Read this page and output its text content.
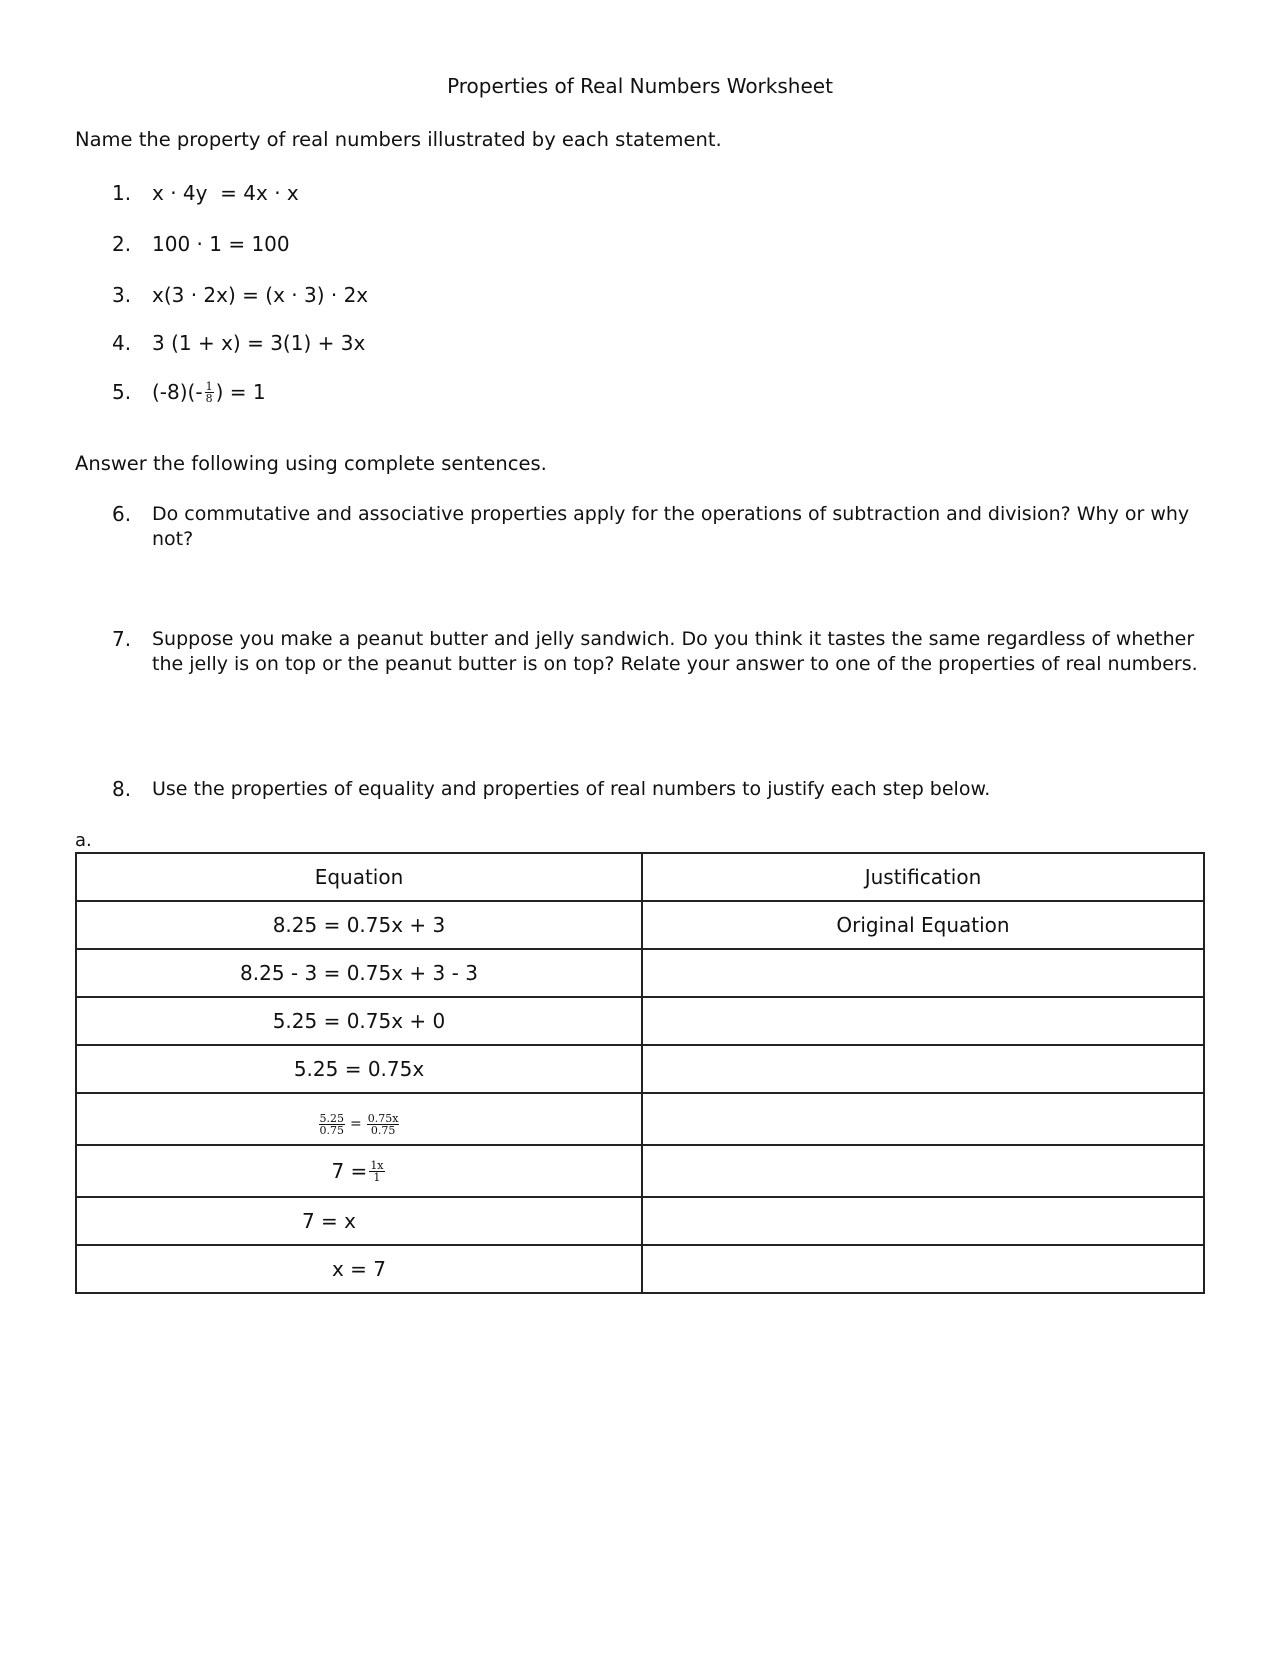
Properties of Real Numbers Worksheet
Name the property of real numbers illustrated by each statement.
1.	x · 4y  = 4x · x
2.	100 · 1 = 100
3.	x(3 · 2x) = (x · 3) · 2x
4.	3 (1 + x) = 3(1) + 3x
5.	$(-8)(- \frac{1}{8}$ ) = 1
Answer the following using complete sentences.
6.	Do commutative and associative properties apply for the operations of subtraction and division? Why or why not?
7.	Suppose you make a peanut butter and jelly sandwich. Do you think it tastes the same regardless of whether the jelly is on top or the peanut butter is on top? Relate your answer to one of the properties of real numbers.
8.	Use the properties of equality and properties of real numbers to justify each step below.
a.
Equation	Justification
8.25 = 0.75x + 3	Original Equation
8.25 - 3 = 0.75x + 3 - 3	
5.25 = 0.75x + 0	
5.25 = 0.75x	

$\frac{5.25}{0.75} = \frac{0.75x}{0.75}$

$7 = \frac{1x}{1}$

7 = x	
x = 7	
